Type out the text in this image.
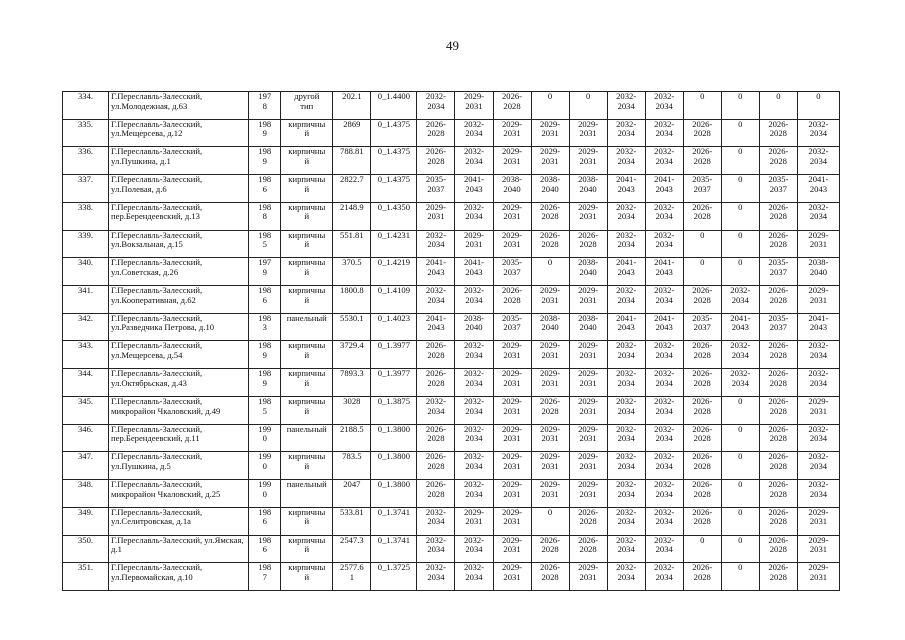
49
334.	Г.Переславль-Залесский, ул.Молодежная, д.63	197
8	другой
тип	202.1	0_1.4400	2032-
2034	2029-
2031	2026-
2028	0	0	2032-
2034	2032-
2034	0	0	0	0
335.	Г.Переславль-Залесский, ул.Мещерсева, д.12	198
9	кирпичны
й	2869	0_1.4375	2026-
2028	2032-
2034	2029-
2031	2029-
2031	2029-
2031	2032-
2034	2032-
2034	2026-
2028	0	2026-
2028	2032-
2034
336.	Г.Переславль-Залесский, ул.Пушкина, д.1	198
9	кирпичны
й	788.81	0_1.4375	2026-
2028	2032-
2034	2029-
2031	2029-
2031	2029-
2031	2032-
2034	2032-
2034	2026-
2028	0	2026-
2028	2032-
2034
337.	Г.Переславль-Залесский, ул.Полевая, д.6	198
6	кирпичны
й	2822.7	0_1.4375	2035-
2037	2041-
2043	2038-
2040	2038-
2040	2038-
2040	2041-
2043	2041-
2043	2035-
2037	0	2035-
2037	2041-
2043
338.	Г.Переславль-Залесский, пер.Берендеевский, д.13	198
8	кирпичны
й	2148.9	0_1.4350	2029-
2031	2032-
2034	2029-
2031	2026-
2028	2029-
2031	2032-
2034	2032-
2034	2026-
2028	0	2026-
2028	2032-
2034
339.	Г.Переславль-Залесский, ул.Вокзальная, д.15	198
5	кирпичны
й	551.81	0_1.4231	2032-
2034	2029-
2031	2029-
2031	2026-
2028	2026-
2028	2032-
2034	2032-
2034	0	0	2026-
2028	2029-
2031
340.	Г.Переславль-Залесский, ул.Советская, д.26	197
9	кирпичны
й	370.5	0_1.4219	2041-
2043	2041-
2043	2035-
2037	0	2038-
2040	2041-
2043	2041-
2043	0	0	2035-
2037	2038-
2040
341.	Г.Переславль-Залесский, ул.Кооперативная, д.62	198
6	кирпичны
й	1800.8	0_1.4109	2032-
2034	2032-
2034	2026-
2028	2029-
2031	2029-
2031	2032-
2034	2032-
2034	2026-
2028	2032-
2034	2026-
2028	2029-
2031
342.	Г.Переславль-Залесский, ул.Разведчика Петрова, д.10	198
3	панельный	5530.1	0_1.4023	2041-
2043	2038-
2040	2035-
2037	2038-
2040	2038-
2040	2041-
2043	2041-
2043	2035-
2037	2041-
2043	2035-
2037	2041-
2043
343.	Г.Переславль-Залесский, ул.Мещерсева, д.54	198
9	кирпичны
й	3729.4	0_1.3977	2026-
2028	2032-
2034	2029-
2031	2029-
2031	2029-
2031	2032-
2034	2032-
2034	2026-
2028	2032-
2034	2026-
2028	2032-
2034
344.	Г.Переславль-Залесский, ул.Октябрьская, д.43	198
9	кирпичны
й	7893.3	0_1.3977	2026-
2028	2032-
2034	2029-
2031	2029-
2031	2029-
2031	2032-
2034	2032-
2034	2026-
2028	2032-
2034	2026-
2028	2032-
2034
345.	Г.Переславль-Залесский, микрорайон Чкаловский, д.49	198
5	кирпичны
й	3028	0_1.3875	2032-
2034	2032-
2034	2029-
2031	2026-
2028	2029-
2031	2032-
2034	2032-
2034	2026-
2028	0	2026-
2028	2029-
2031
346.	Г.Переславль-Залесский, пер.Берендеевский, д.11	199
0	панельный	2188.5	0_1.3800	2026-
2028	2032-
2034	2029-
2031	2029-
2031	2029-
2031	2032-
2034	2032-
2034	2026-
2028	0	2026-
2028	2032-
2034
347.	Г.Переславль-Залесский, ул.Пушкина, д.5	199
0	кирпичны
й	783.5	0_1.3800	2026-
2028	2032-
2034	2029-
2031	2029-
2031	2029-
2031	2032-
2034	2032-
2034	2026-
2028	0	2026-
2028	2032-
2034
348.	Г.Переславль-Залесский, микрорайон Чкаловский, д.25	199
0	панельный	2047	0_1.3800	2026-
2028	2032-
2034	2029-
2031	2029-
2031	2029-
2031	2032-
2034	2032-
2034	2026-
2028	0	2026-
2028	2032-
2034
349.	Г.Переславль-Залесский, ул.Селитровская, д.1а	198
6	кирпичны
й	533.81	0_1.3741	2032-
2034	2029-
2031	2029-
2031	0	2026-
2028	2032-
2034	2032-
2034	2026-
2028	0	2026-
2028	2029-
2031
350.	Г.Переславль-Залесский, ул.Ямская, д.1	198
6	кирпичны
й	2547.3	0_1.3741	2032-
2034	2032-
2034	2029-
2031	2026-
2028	2026-
2028	2032-
2034	2032-
2034	0	0	2026-
2028	2029-
2031
351.	Г.Переславль-Залесский, ул.Первомайская, д.10	198
7	кирпичны
й	2577.6
1	0_1.3725	2032-
2034	2032-
2034	2029-
2031	2026-
2028	2029-
2031	2032-
2034	2032-
2034	2026-
2028	0	2026-
2028	2029-
2031
